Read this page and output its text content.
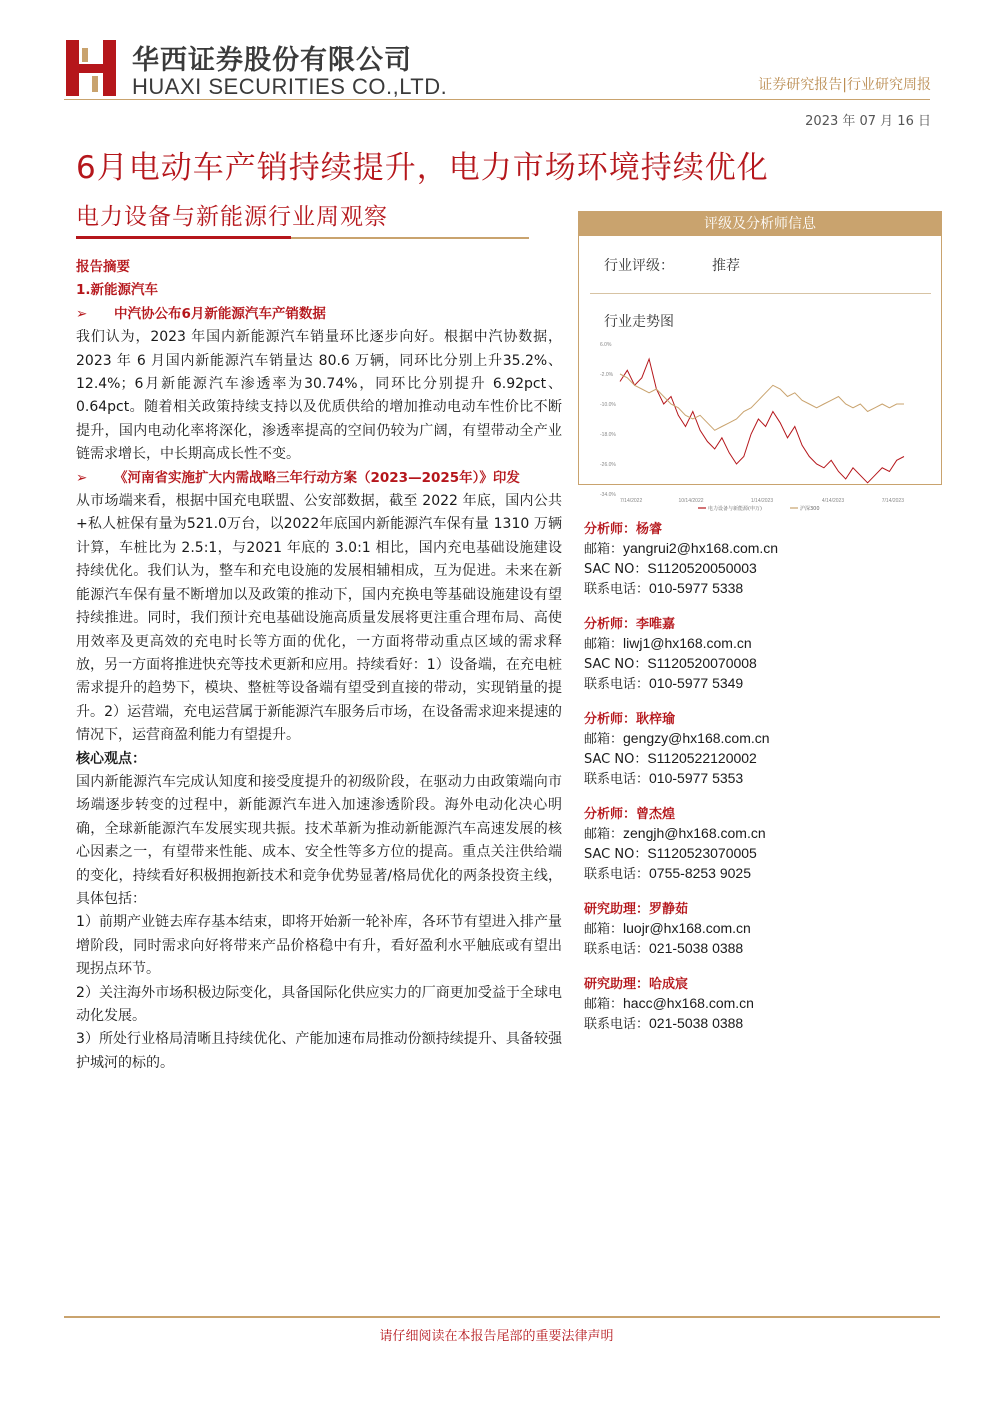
华西证券股份有限公司
HUAXI SECURITIES CO.,LTD.	证券研究报告|行业研究周报
2023 年 07 月 16 日
6月电动车产销持续提升，电力市场环境持续优化
电力设备与新能源行业周观察
报告摘要
1.新能源汽车
➢ 中汽协公布6月新能源汽车产销数据

我们认为，2023 年国内新能源汽车销量环比逐步向好。根据中汽协数据，2023 年 6 月国内新能源汽车销量达 80.6 万辆，同环比分别上升35.2%、12.4%；6月新能源汽车渗透率为30.74%，同环比分别提升 6.92pct、0.64pct。随着相关政策持续支持以及优质供给的增加推动电动车性价比不断提升，国内电动化率将深化，渗透率提高的空间仍较为广阔，有望带动全产业链需求增长，中长期高成长性不变。

➢ 《河南省实施扩大内需战略三年行动方案（2023—2025年）》印发

从市场端来看，根据中国充电联盟、公安部数据，截至 2022 年底，国内公共+私人桩保有量为521.0万台，以2022年底国内新能源汽车保有量 1310 万辆计算，车桩比为 2.5:1，与2021 年底的 3.0:1 相比，国内充电基础设施建设持续优化。我们认为，整车和充电设施的发展相辅相成，互为促进。未来在新能源汽车保有量不断增加以及政策的推动下，国内充换电等基础设施建设有望持续推进。同时，我们预计充电基础设施高质量发展将更注重合理布局、高使用效率及更高效的充电时长等方面的优化，一方面将带动重点区域的需求释放，另一方面将推进快充等技术更新和应用。持续看好：1）设备端，在充电桩需求提升的趋势下，模块、整桩等设备端有望受到直接的带动，实现销量的提升。2）运营端，充电运营属于新能源汽车服务后市场，在设备需求迎来提速的情况下，运营商盈利能力有望提升。

核心观点：

国内新能源汽车完成认知度和接受度提升的初级阶段，在驱动力由政策端向市场端逐步转变的过程中，新能源汽车进入加速渗透阶段。海外电动化决心明确，全球新能源汽车发展实现共振。技术革新为推动新能源汽车高速发展的核心因素之一，有望带来性能、成本、安全性等多方位的提高。重点关注供给端的变化，持续看好积极拥抱新技术和竞争优势显著/格局优化的两条投资主线，具体包括：

1）前期产业链去库存基本结束，即将开始新一轮补库，各环节有望进入排产量增阶段，同时需求向好将带来产品价格稳中有升，看好盈利水平触底或有望出现拐点环节。

2）关注海外市场积极边际变化，具备国际化供应实力的厂商更加受益于全球电动化发展。

3）所处行业格局清晰且持续优化、产能加速布局推动份额持续提升、具备较强护城河的标的。

评级及分析师信息
行业评级：	推荐
行业走势图
6.0%
-2.0%
-10.0%
-18.0%
-26.0%
-34.0%
7/14/2022	10/14/2022	1/14/2023	4/14/2023	7/14/2023
电力设备与新能源(申万)	沪深300
分析师：杨睿
邮箱：yangrui2@hx168.com.cn
SAC NO：S1120520050003
联系电话：010-5977 5338
分析师：李唯嘉
邮箱：liwj1@hx168.com.cn
SAC NO：S1120520070008
联系电话：010-5977 5349
分析师：耿梓瑜
邮箱：gengzy@hx168.com.cn
SAC NO：S1120522120002
联系电话：010-5977 5353
分析师：曾杰煌
邮箱：zengjh@hx168.com.cn
SAC NO：S1120523070005
联系电话：0755-8253 9025
研究助理：罗静茹
邮箱：luojr@hx168.com.cn
联系电话：021-5038 0388
研究助理：哈成宸
邮箱：hacc@hx168.com.cn
联系电话：021-5038 0388
请仔细阅读在本报告尾部的重要法律声明
